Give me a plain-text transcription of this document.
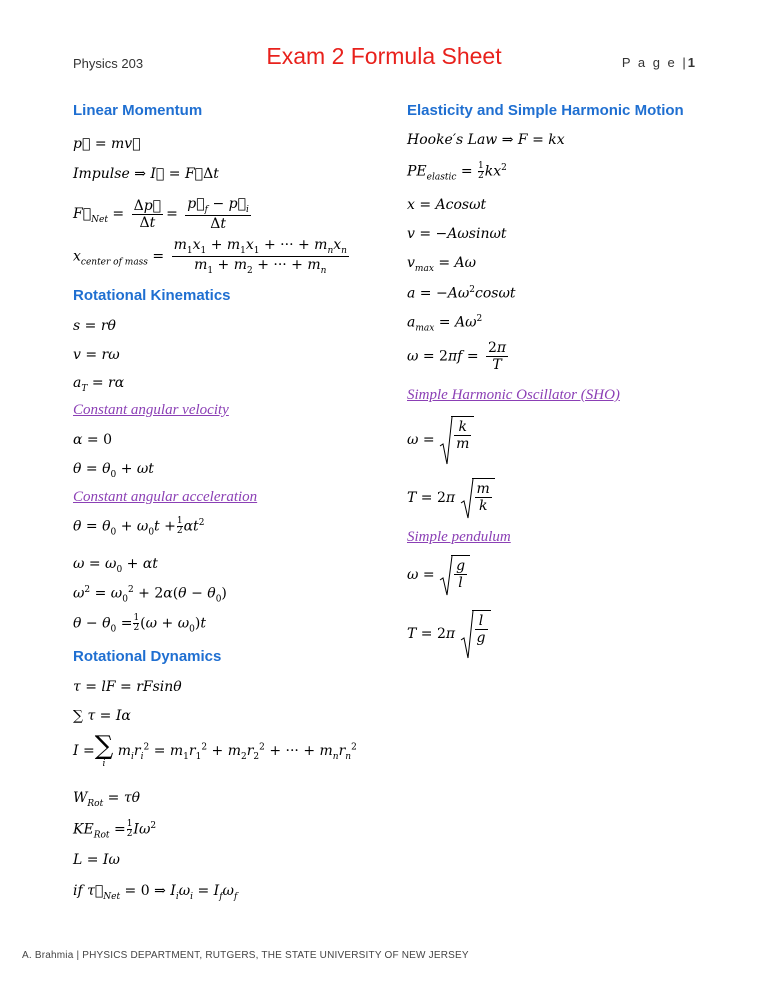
Physics 203	Exam 2 Formula Sheet	P a g e |1
Linear Momentum
p⃗ = mv⃗
Impulse ⇒ I⃗ = F⃗Δt
$F⃗_{Net} = \frac{\Delta p⃗}{\Delta t} = \frac{p⃗_f - p⃗_i}{\Delta t}$
$x_{center of mass} = \frac{m_1x_1 + m_1x_1 + \cdot\cdot\cdot + m_nx_n}{m_1 + m_2 + \cdot\cdot\cdot + m_n}$
Rotational Kinematics
s = rθ
v = rω
$a_T = r\alpha$
Constant angular velocity
α = 0
$\theta = \theta_0 + \omega t$
Constant angular acceleration
$\theta = \theta_0 + \omega_0t + \frac{1}{2} \alpha t^2$
$\omega = \omega_0 + \alpha t$
$\omega^2 = \omega_0^2 + 2\alpha(\theta - \theta_0)$
$\theta - \theta_0 = \frac{1}{2} (\omega + \omega_0)t$
Rotational Dynamics
τ = lF = rFsinθ
∑ τ = Iα
I = ∑
i
$m_ir_i^2 = m_1r_1^2 + m_2r_2^2$ + ··· + $m_nr_n^2$
$W_{Rot} = \tau\theta$
$KE_{Rot} = \frac{1}{2} I\omega^2$
L = Iω
if $\tau⃗_{Net} = 0$ ⇒ $I_i\omega_i = I_f\omega_f$
Elasticity and Simple Harmonic Motion
Hooke′s Law ⇒ F = kx
$PE_{elastic} = \frac{1}{2} kx^2$
x = Acosωt
v = −Aωsinωt
$v_{max} = A\omega$
$a = -A\omega^2\cos\omega t$
$a_{max} = A\omega^2$
$\omega = 2\pi f = \frac{2\pi}{T}$
Simple Harmonic Oscillator (SHO)
$\omega = \frac{k}{m}$
$T = 2\pi \frac{m}{k}$
Simple pendulum
$\omega = \frac{g}{l}$
$T = 2\pi \frac{l}{g}$
A. Brahmia | PHYSICS DEPARTMENT, RUTGERS, THE STATE UNIVERSITY OF NEW JERSEY
